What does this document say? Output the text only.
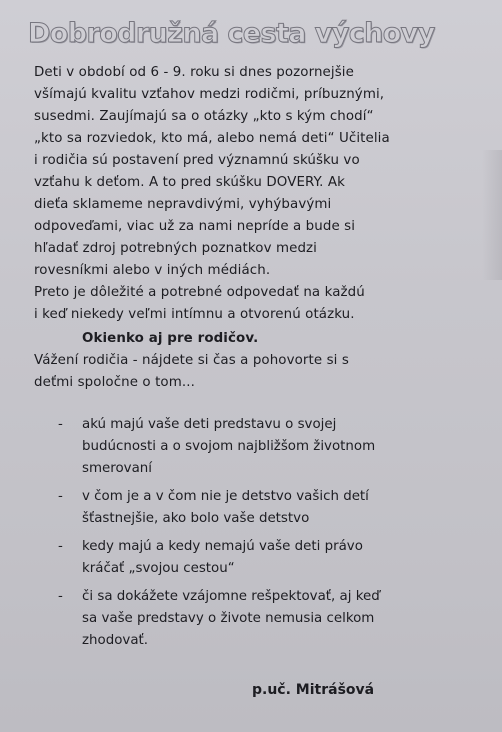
Dobrodružná cesta výchovy
Deti v období od 6 - 9. roku si dnes pozornejšie
všímajú kvalitu vzťahov medzi rodičmi, príbuznými,
susedmi. Zaujímajú sa o otázky „kto s kým chodí“
„kto sa rozviedok, kto má, alebo nemá deti“ Učitelia
i rodičia sú postavení pred významnú skúšku vo
vzťahu k deťom. A to pred skúšku DOVERY. Ak
dieťa sklameme nepravdivými, vyhýbavými
odpoveďami, viac už za nami nepríde a bude si
hľadať zdroj potrebných poznatkov medzi
rovesníkmi alebo v iných médiách.
Preto je dôležité a potrebné odpovedať na každú
i keď niekedy veľmi intímnu a otvorenú otázku.
Okienko aj pre rodičov.
Vážení rodičia - nájdete si čas a pohovorte si s
deťmi spoločne o tom...
-	akú majú vaše deti predstavu o svojej
budúcnosti a o svojom najbližšom životnom
smerovaní
-	v čom je a v čom nie je detstvo vašich detí
šťastnejšie, ako bolo vaše detstvo
-	kedy majú a kedy nemajú vaše deti právo
kráčať „svojou cestou“
-	či sa dokážete vzájomne rešpektovať, aj keď
sa vaše predstavy o živote nemusia celkom
zhodovať.
p.uč. Mitrášová
